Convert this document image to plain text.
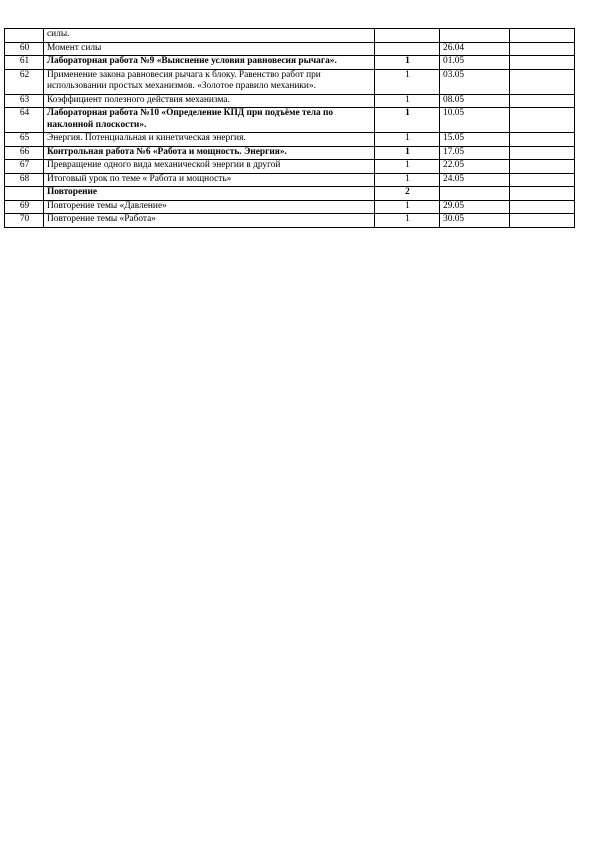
	силы.			
60	Момент силы		26.04	
61	Лабораторная работа №9 «Выяснение условия равновесия рычага».	1	01.05	
62	Применение закона равновесия рычага к блоку. Равенство работ при использовании простых механизмов. «Золотое правило механики».	1	03.05	
63	Коэффициент полезного действия механизма.	1	08.05	
64	Лабораторная работа №10 «Определение КПД при подъёме тела по наклонной плоскости».	1	10.05	
65	Энергия. Потенциальная и кинетическая энергия.	1	15.05	
66	Контрольная работа №6 «Работа и мощность. Энергия».	1	17.05	
67	Превращение одного вида механической энергии в другой	1	22.05	
68	Итоговый урок по теме « Работа и мощность»	1	24.05	
	Повторение	2		
69	Повторение темы «Давление»	1	29.05	
70	Повторение темы «Работа»	1	30.05	
